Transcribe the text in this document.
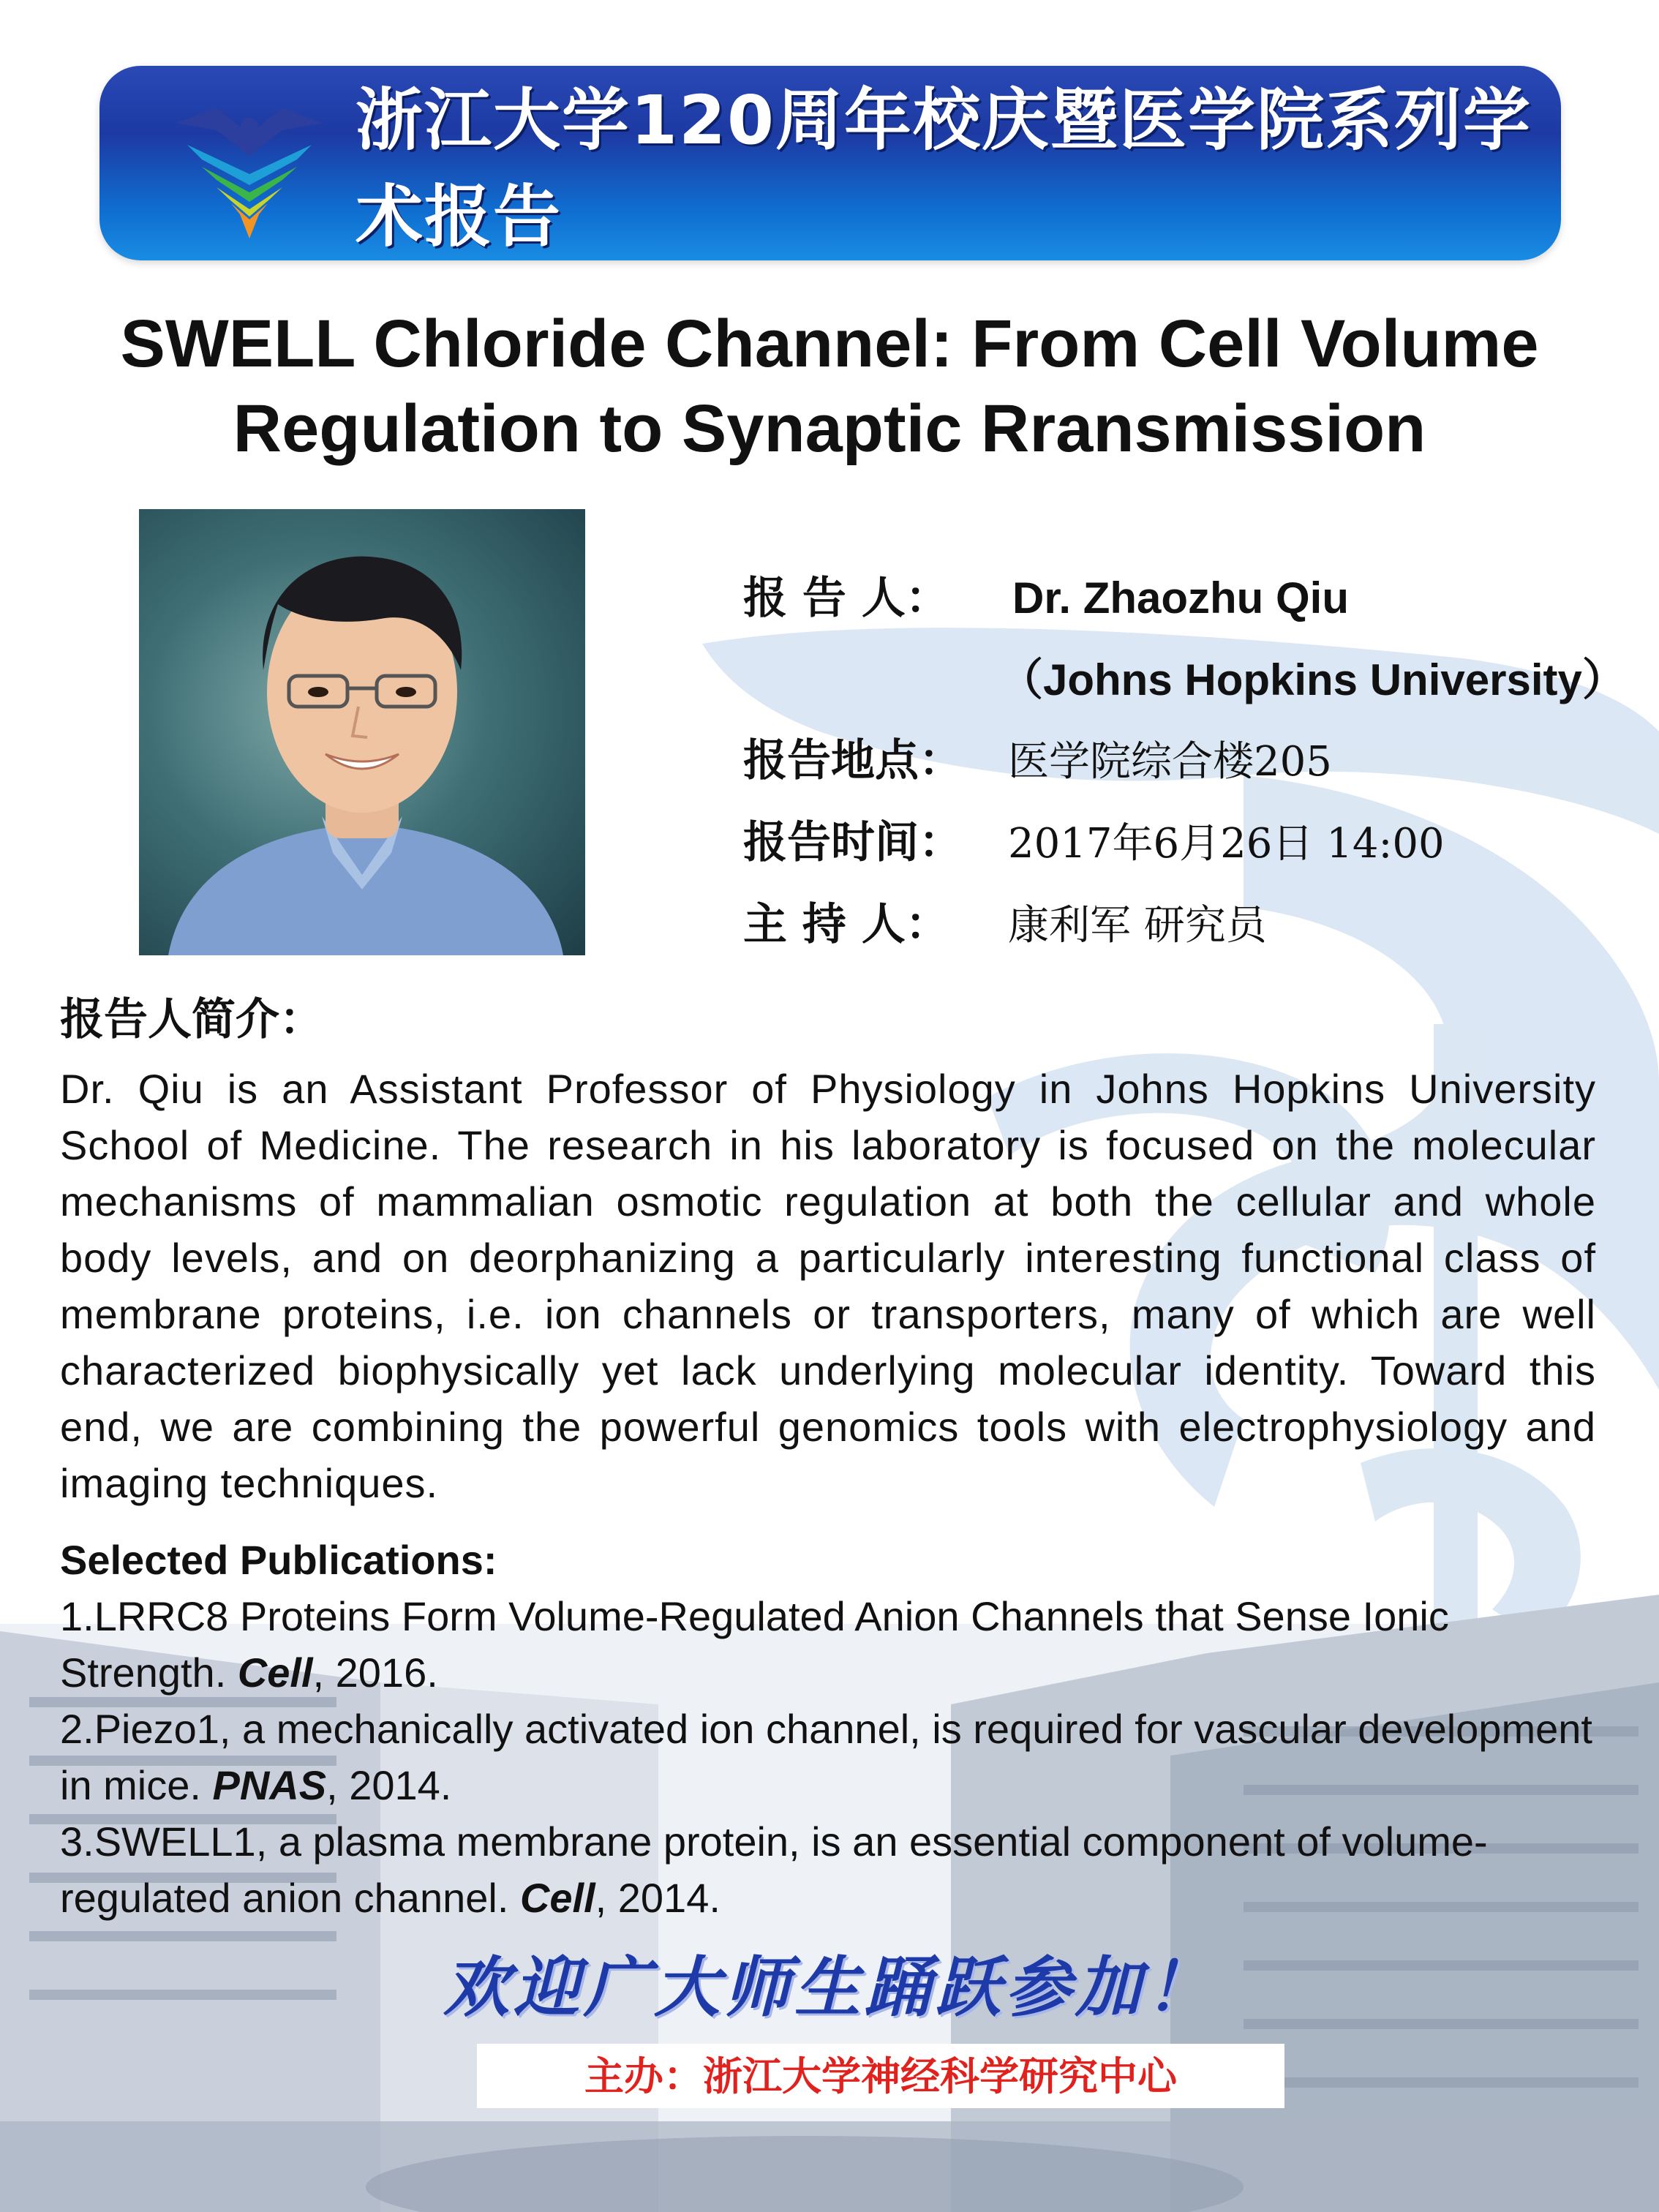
浙江大学120周年校庆暨医学院系列学术报告
SWELL Chloride Channel: From Cell Volume
Regulation to Synaptic Rransmission
报 告 人： Dr. Zhaozhu Qiu
（Johns Hopkins University）
报告地点： 医学院综合楼205
报告时间： 2017年6月26日 14:00
主 持 人： 康利军 研究员
报告人简介：
Dr. Qiu is an Assistant Professor of Physiology in Johns Hopkins University School of Medicine. The research in his laboratory is focused on the molecular mechanisms of mammalian osmotic regulation at both the cellular and whole body levels, and on deorphanizing a particularly interesting functional class of membrane proteins, i.e. ion channels or transporters, many of which are well characterized biophysically yet lack underlying molecular identity. Toward this end, we are combining the powerful genomics tools with electrophysiology and imaging techniques.
Selected Publications:
1.LRRC8 Proteins Form Volume-Regulated Anion Channels that Sense Ionic Strength. Cell, 2016.
2.Piezo1, a mechanically activated ion channel, is required for vascular development in mice. PNAS, 2014.
3.SWELL1, a plasma membrane protein, is an essential component of volume-regulated anion channel. Cell, 2014.
欢迎广大师生踊跃参加！
主办：浙江大学神经科学研究中心
